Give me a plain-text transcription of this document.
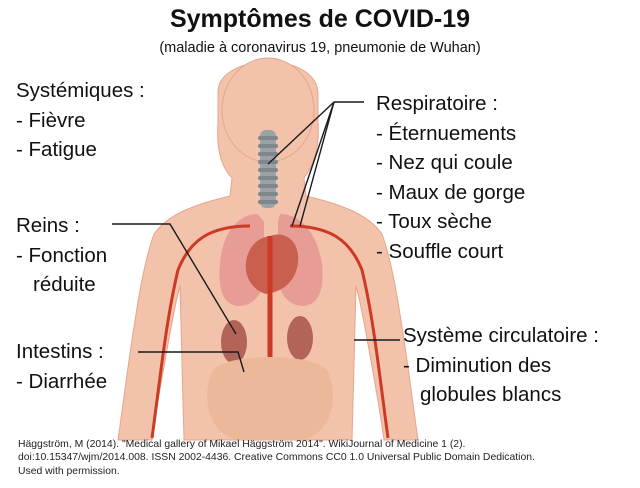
Symptômes de COVID-19
(maladie à coronavirus 19, pneumonie de Wuhan)
Systémiques :
- Fièvre
- Fatigue
Respiratoire :
- Éternuements
- Nez qui coule
- Maux de gorge
- Toux sèche
- Souffle court
Reins :
- Fonction
réduite
Intestins :
- Diarrhée
Système circulatoire :
- Diminution des
globules blancs
Häggström, M (2014). "Medical gallery of Mikael Häggström 2014". WikiJournal of Medicine 1 (2).
doi:10.15347/wjm/2014.008. ISSN 2002-4436. Creative Commons CC0 1.0 Universal Public Domain Dedication.
Used with permission.
